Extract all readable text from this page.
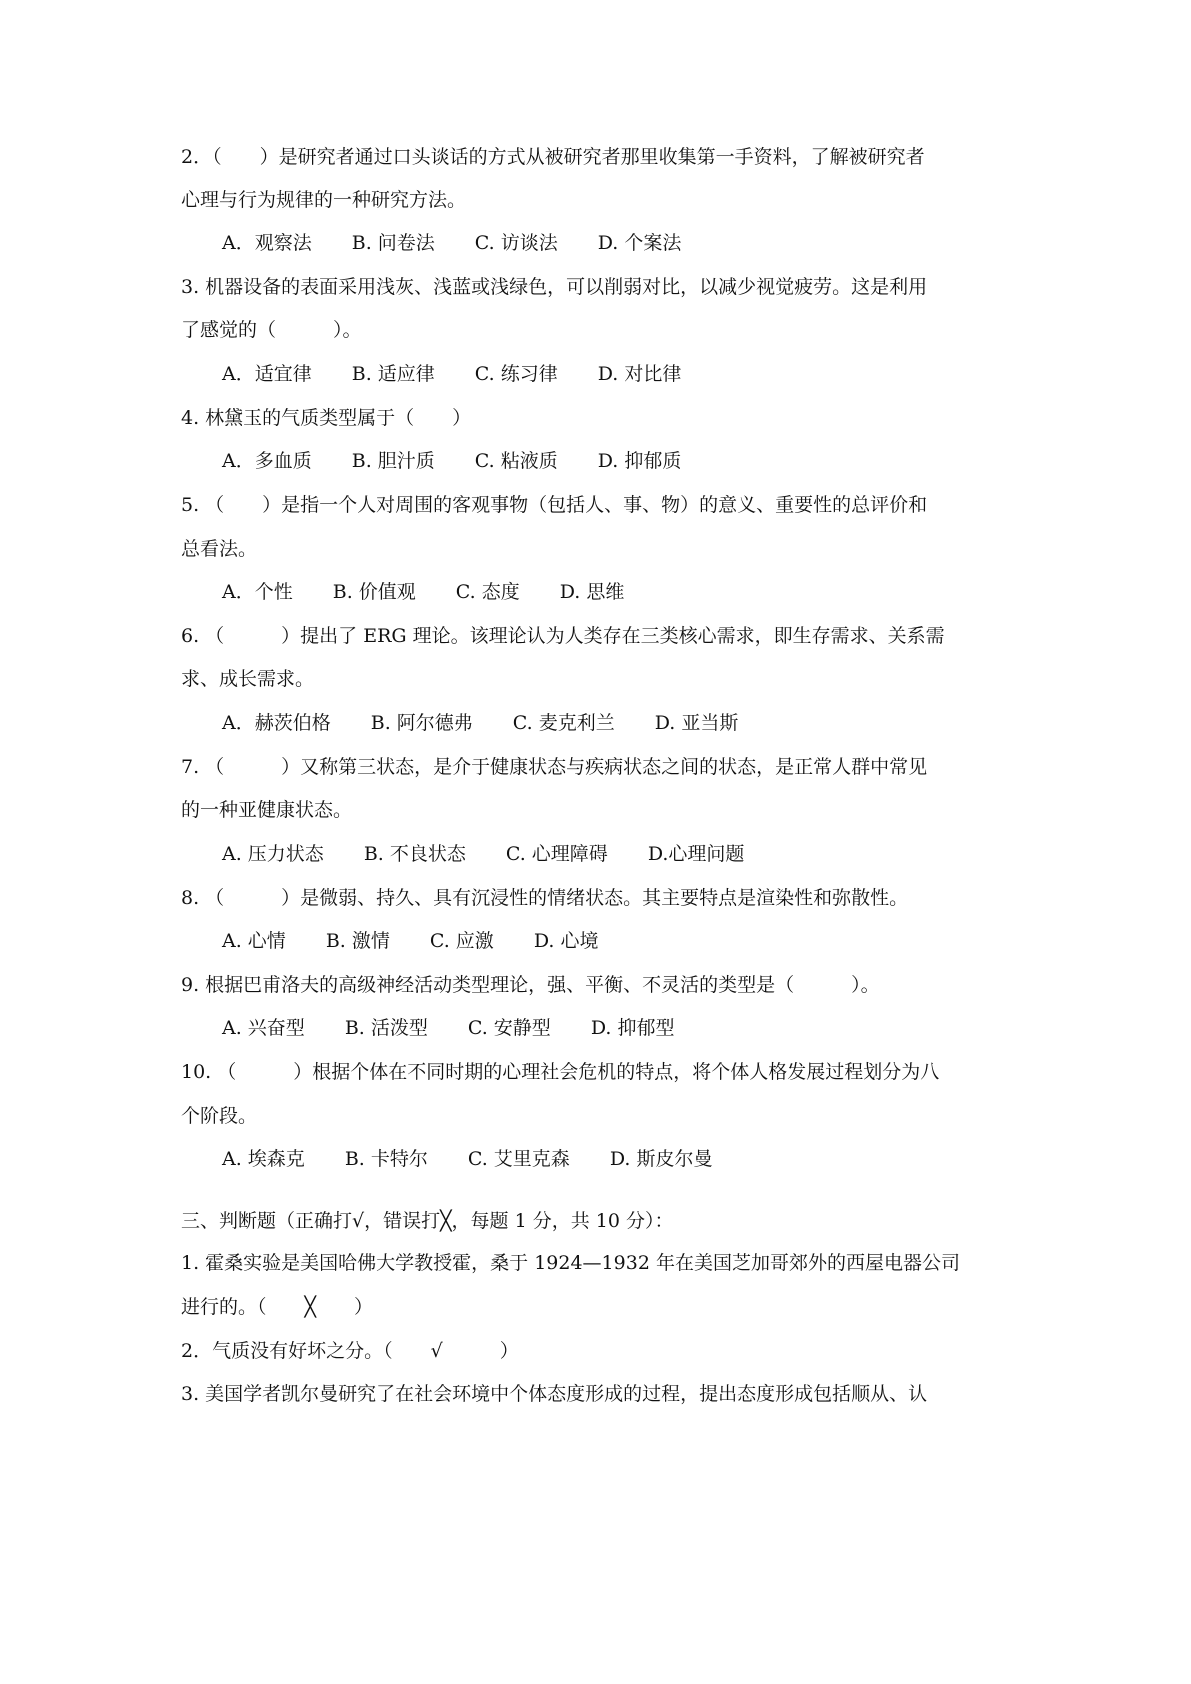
2．（　　）是研究者通过口头谈话的方式从被研究者那里收集第一手资料，了解被研究者
心理与行为规律的一种研究方法。
A．观察法 B. 问卷法 C. 访谈法 D. 个案法
3. 机器设备的表面采用浅灰、浅蓝或浅绿色，可以削弱对比，以减少视觉疲劳。这是利用
了感觉的（　　　）。
A．适宜律 B. 适应律 C. 练习律 D. 对比律
4. 林黛玉的气质类型属于（　　）
A．多血质 B. 胆汁质 C. 粘液质 D. 抑郁质
5. （　　）是指一个人对周围的客观事物（包括人、事、物）的意义、重要性的总评价和
总看法。
A．个性 B. 价值观 C. 态度 D. 思维
6. （　　　）提出了 ERG 理论。该理论认为人类存在三类核心需求，即生存需求、关系需
求、成长需求。
A．赫茨伯格 B. 阿尔德弗 C. 麦克利兰 D. 亚当斯
7. （　　　）又称第三状态，是介于健康状态与疾病状态之间的状态，是正常人群中常见
的一种亚健康状态。
A. 压力状态 B. 不良状态 C. 心理障碍 D.心理问题
8. （　　　）是微弱、持久、具有沉浸性的情绪状态。其主要特点是渲染性和弥散性。
A. 心情 B. 激情 C. 应激 D. 心境
9. 根据巴甫洛夫的高级神经活动类型理论，强、平衡、不灵活的类型是（　　　）。
A. 兴奋型 B. 活泼型 C. 安静型 D. 抑郁型
10. （　　　）根据个体在不同时期的心理社会危机的特点，将个体人格发展过程划分为八
个阶段。
A. 埃森克 B. 卡特尔 C. 艾里克森 D. 斯皮尔曼
三、判断题（正确打√，错误打╳，每题 1 分，共 10 分）：
1. 霍桑实验是美国哈佛大学教授霍，桑于 1924—1932 年在美国芝加哥郊外的西屋电器公司
进行的。（　　╳　　）
2．气质没有好坏之分。（　　√　　　）
3. 美国学者凯尔曼研究了在社会环境中个体态度形成的过程，提出态度形成包括顺从、认
